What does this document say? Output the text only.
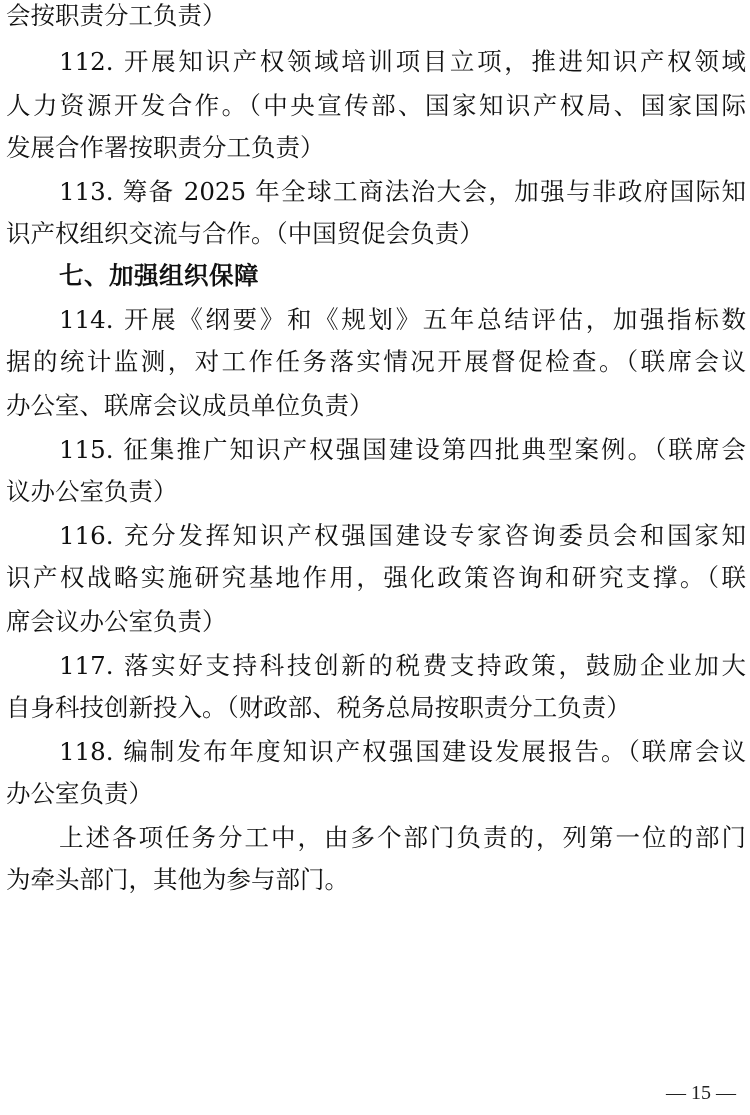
会按职责分工负责）
112. 开展知识产权领域培训项目立项，推进知识产权领域
人力资源开发合作。（中央宣传部、国家知识产权局、国家国际
发展合作署按职责分工负责）
113. 筹备 2025 年全球工商法治大会，加强与非政府国际知
识产权组织交流与合作。（中国贸促会负责）
七、加强组织保障
114. 开展《纲要》和《规划》五年总结评估，加强指标数
据的统计监测，对工作任务落实情况开展督促检查。（联席会议
办公室、联席会议成员单位负责）
115. 征集推广知识产权强国建设第四批典型案例。（联席会
议办公室负责）
116. 充分发挥知识产权强国建设专家咨询委员会和国家知
识产权战略实施研究基地作用，强化政策咨询和研究支撑。（联
席会议办公室负责）
117. 落实好支持科技创新的税费支持政策，鼓励企业加大
自身科技创新投入。（财政部、税务总局按职责分工负责）
118. 编制发布年度知识产权强国建设发展报告。（联席会议
办公室负责）
上述各项任务分工中，由多个部门负责的，列第一位的部门
为牵头部门，其他为参与部门。
— 15 —
